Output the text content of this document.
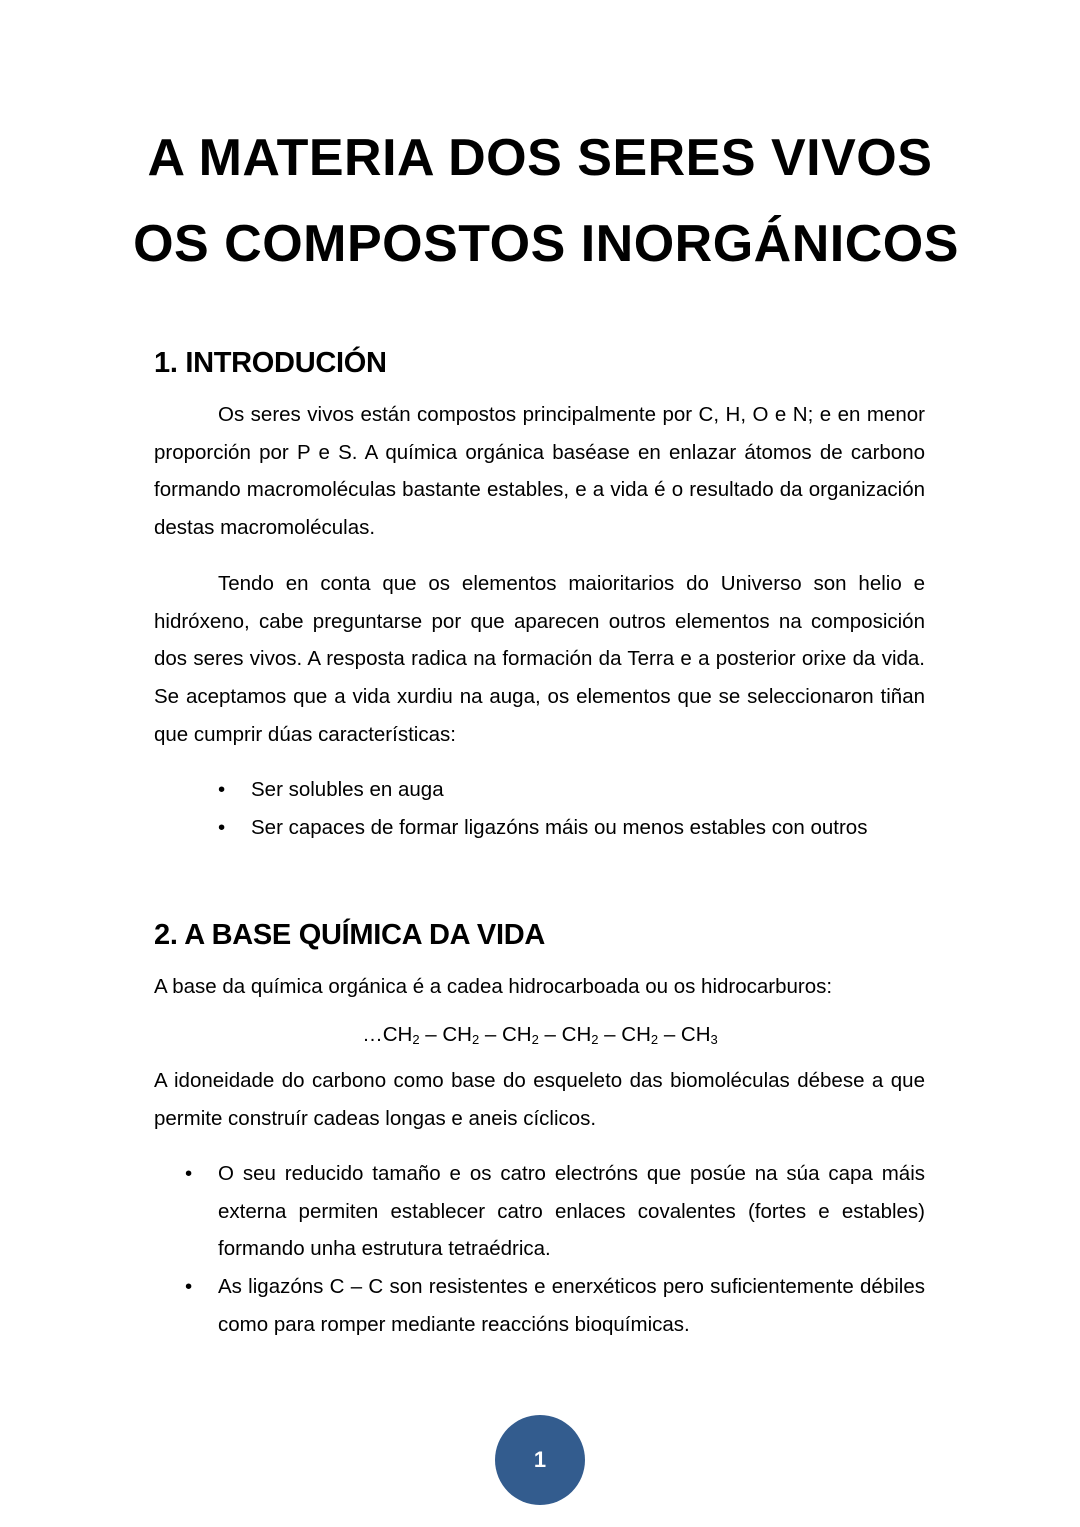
A MATERIA DOS SERES VIVOS
OS COMPOSTOS INORGÁNICOS
1. INTRODUCIÓN

Os seres vivos están compostos principalmente por C, H, O e N; e en menor proporción por P e S. A química orgánica baséase en enlazar átomos de carbono formando macromoléculas bastante estables, e a vida é o resultado da organización destas macromoléculas.

Tendo en conta que os elementos maioritarios do Universo son helio e hidróxeno, cabe preguntarse por que aparecen outros elementos na composición dos seres vivos. A resposta radica na formación da Terra e a posterior orixe da vida. Se aceptamos que a vida xurdiu na auga, os elementos que se seleccionaron tiñan que cumprir dúas características:

• Ser solubles en auga
• Ser capaces de formar ligazóns máis ou menos estables con outros
2. A BASE QUÍMICA DA VIDA

A base da química orgánica é a cadea hidrocarboada ou os hidrocarburos:

$\dots CH_2 - CH_2 - CH_2 - CH_2 - CH_2 - CH_3$

A idoneidade do carbono como base do esqueleto das biomoléculas débese a que permite construír cadeas longas e aneis cíclicos.

• O seu reducido tamaño e os catro electróns que posúe na súa capa máis externa permiten establecer catro enlaces covalentes (fortes e estables) formando unha estrutura tetraédrica.
• As ligazóns C – C son resistentes e enerxéticos pero suficientemente débiles como para romper mediante reaccións bioquímicas.
1
